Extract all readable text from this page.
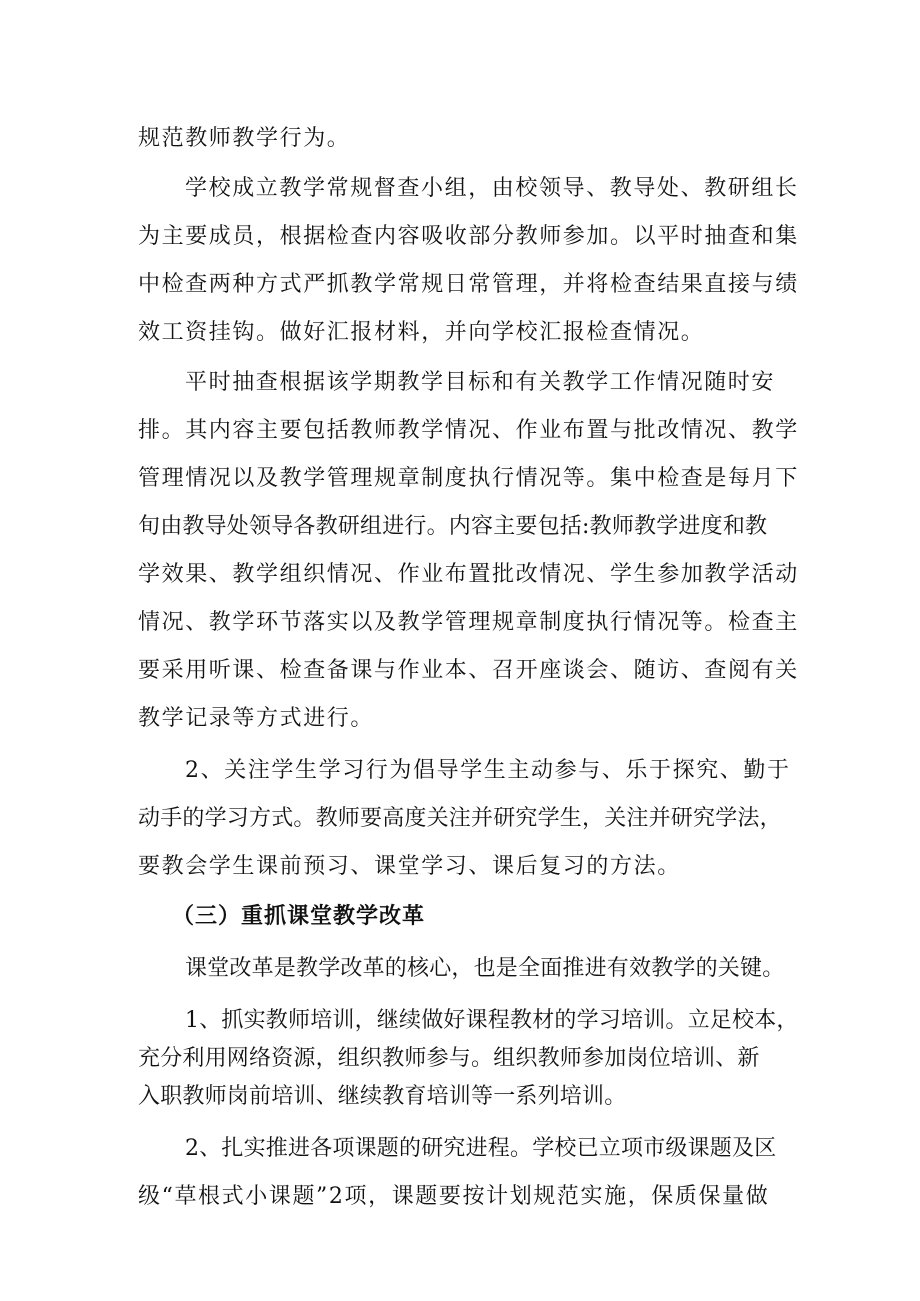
规范教师教学行为。
学校成立教学常规督查小组，由校领导、教导处、教研组长
为主要成员，根据检查内容吸收部分教师参加。以平时抽查和集
中检查两种方式严抓教学常规日常管理，并将检查结果直接与绩
效工资挂钩。做好汇报材料，并向学校汇报检查情况。
平时抽查根据该学期教学目标和有关教学工作情况随时安
排。其内容主要包括教师教学情况、作业布置与批改情况、教学
管理情况以及教学管理规章制度执行情况等。集中检查是每月下
旬由教导处领导各教研组进行。内容主要包括:教师教学进度和教
学效果、教学组织情况、作业布置批改情况、学生参加教学活动
情况、教学环节落实以及教学管理规章制度执行情况等。检查主
要采用听课、检查备课与作业本、召开座谈会、随访、查阅有关
教学记录等方式进行。
2、关注学生学习行为倡导学生主动参与、乐于探究、勤于
动手的学习方式。教师要高度关注并研究学生，关注并研究学法，
要教会学生课前预习、课堂学习、课后复习的方法。
（三）重抓课堂教学改革
课堂改革是教学改革的核心，也是全面推进有效教学的关键。
1、抓实教师培训，继续做好课程教材的学习培训。立足校本，
充分利用网络资源，组织教师参与。组织教师参加岗位培训、新
入职教师岗前培训、继续教育培训等一系列培训。
2、扎实推进各项课题的研究进程。学校已立项市级课题及区
级“草根式小课题”2项，课题要按计划规范实施，保质保量做
